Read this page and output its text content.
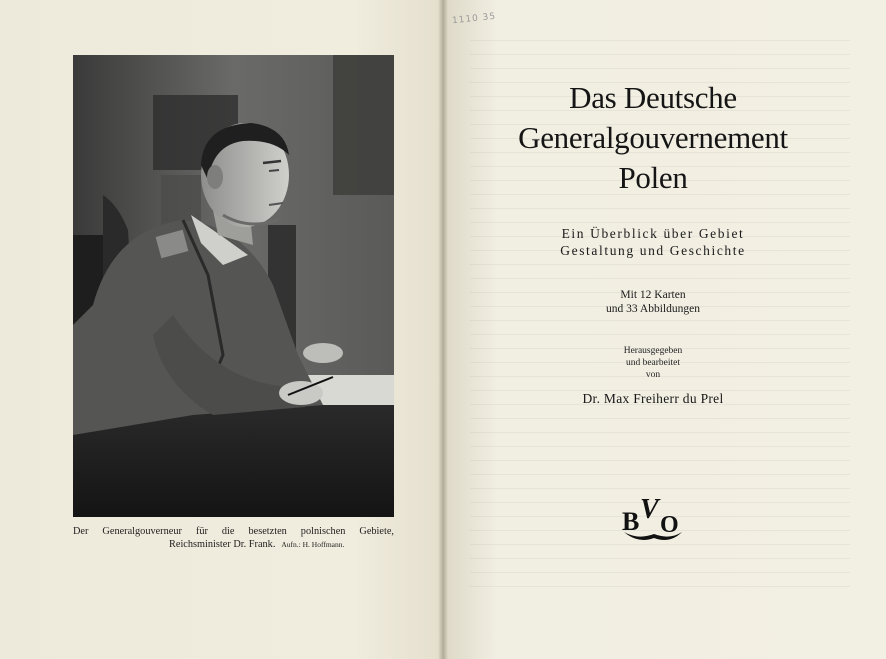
Der Generalgouverneur für die besetzten polnischen Gebiete,
Reichsminister Dr. Frank. Aufn.: H. Hoffmann.
1110 35
Das Deutsche
Generalgouvernement
Polen
Ein Überblick über Gebiet
Gestaltung und Geschichte
Mit 12 Karten
und 33 Abbildungen
Herausgegeben
und bearbeitet
von
Dr. Max Freiherr du Prel
B V O
